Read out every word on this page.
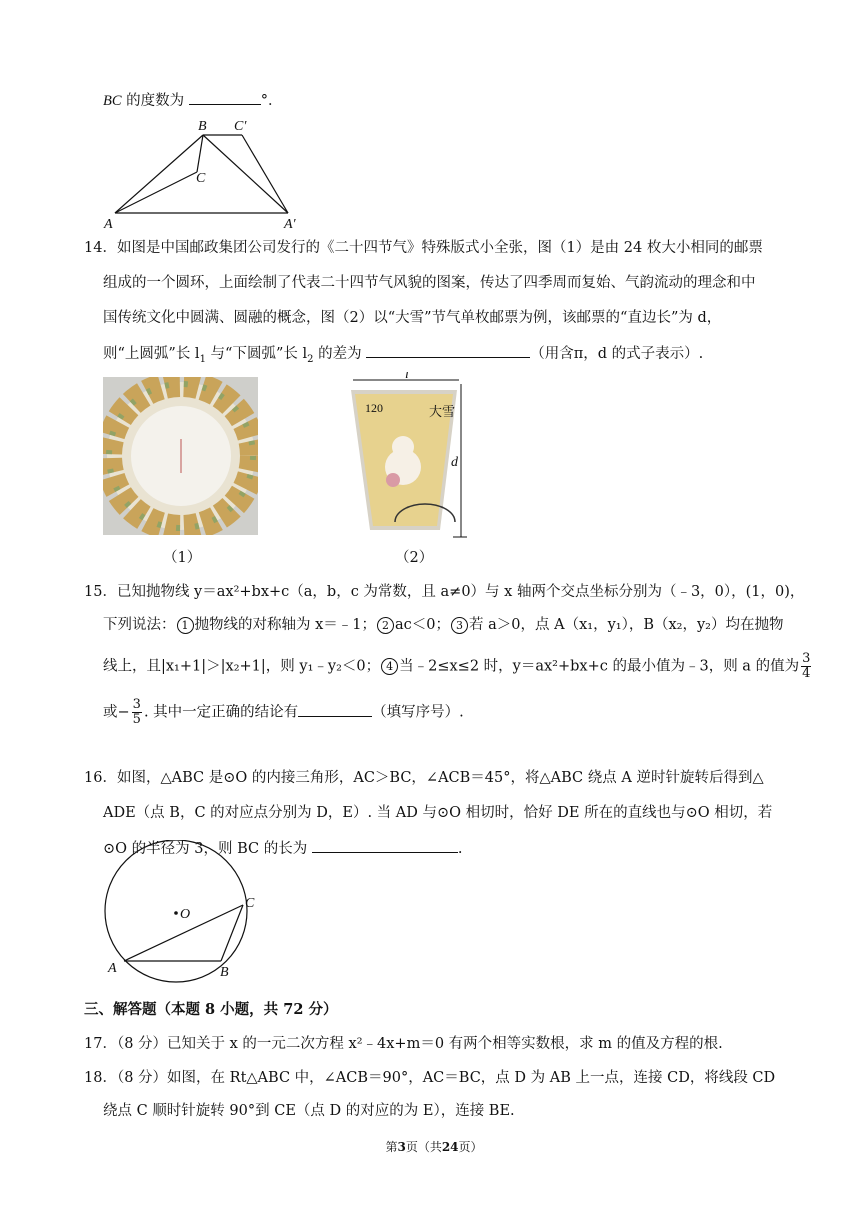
BC 的度数为	°．
B C′
C
A	A′
14．如图是中国邮政集团公司发行的《二十四节气》特殊版式小全张，图（1）是由 24 枚大小相同的邮票
组成的一个圆环，上面绘制了代表二十四节气风貌的图案，传达了四季周而复始、气韵流动的理念和中
国传统文化中圆满、圆融的概念，图（2）以“大雪”节气单枚邮票为例，该邮票的“直边长”为 d，
则“上圆弧”长 $l_1$ 与“下圆弧”长 $l_2$ 的差为	（用含π，d 的式子表示）.
（1）
120	大雪
l
d
（2）
15．已知抛物线 y＝ax²+bx+c（a，b，c 为常数，且 a≠0）与 x 轴两个交点坐标分别为（﹣3，0），(1，0)，
下列说法： 1 抛物线的对称轴为 x＝﹣1； 2 ac＜0； 3 若 a＞0，点 A（x₁，y₁），B（x₂，y₂）均在抛物
线上，且|x₁+1|＞|x₂+1|，则 y₁﹣y₂＜0； 4 当﹣2≤x≤2 时，y＝ax²+bx+c 的最小值为﹣3，则 a 的值为 $\frac{3}{4}$
或− $\frac{3}{5}$ . 其中一定正确的结论有	（填写序号）.
16．如图，△ABC 是⊙O 的内接三角形，AC＞BC，∠ACB＝45°，将△ABC 绕点 A 逆时针旋转后得到△
ADE（点 B，C 的对应点分别为 D，E）. 当 AD 与⊙O 相切时，恰好 DE 所在的直线也与⊙O 相切，若
⊙O 的半径为 3，则 BC 的长为	.
O
A	B
C
三、解答题（本题 8 小题，共 72 分）
17．（8 分）已知关于 x 的一元二次方程 x²﹣4x+m＝0 有两个相等实数根，求 m 的值及方程的根.
18．（8 分）如图，在 Rt△ABC 中，∠ACB＝90°，AC＝BC，点 D 为 AB 上一点，连接 CD，将线段 CD
绕点 C 顺时针旋转 90°到 CE（点 D 的对应的为 E），连接 BE.
第3页（共24页）
